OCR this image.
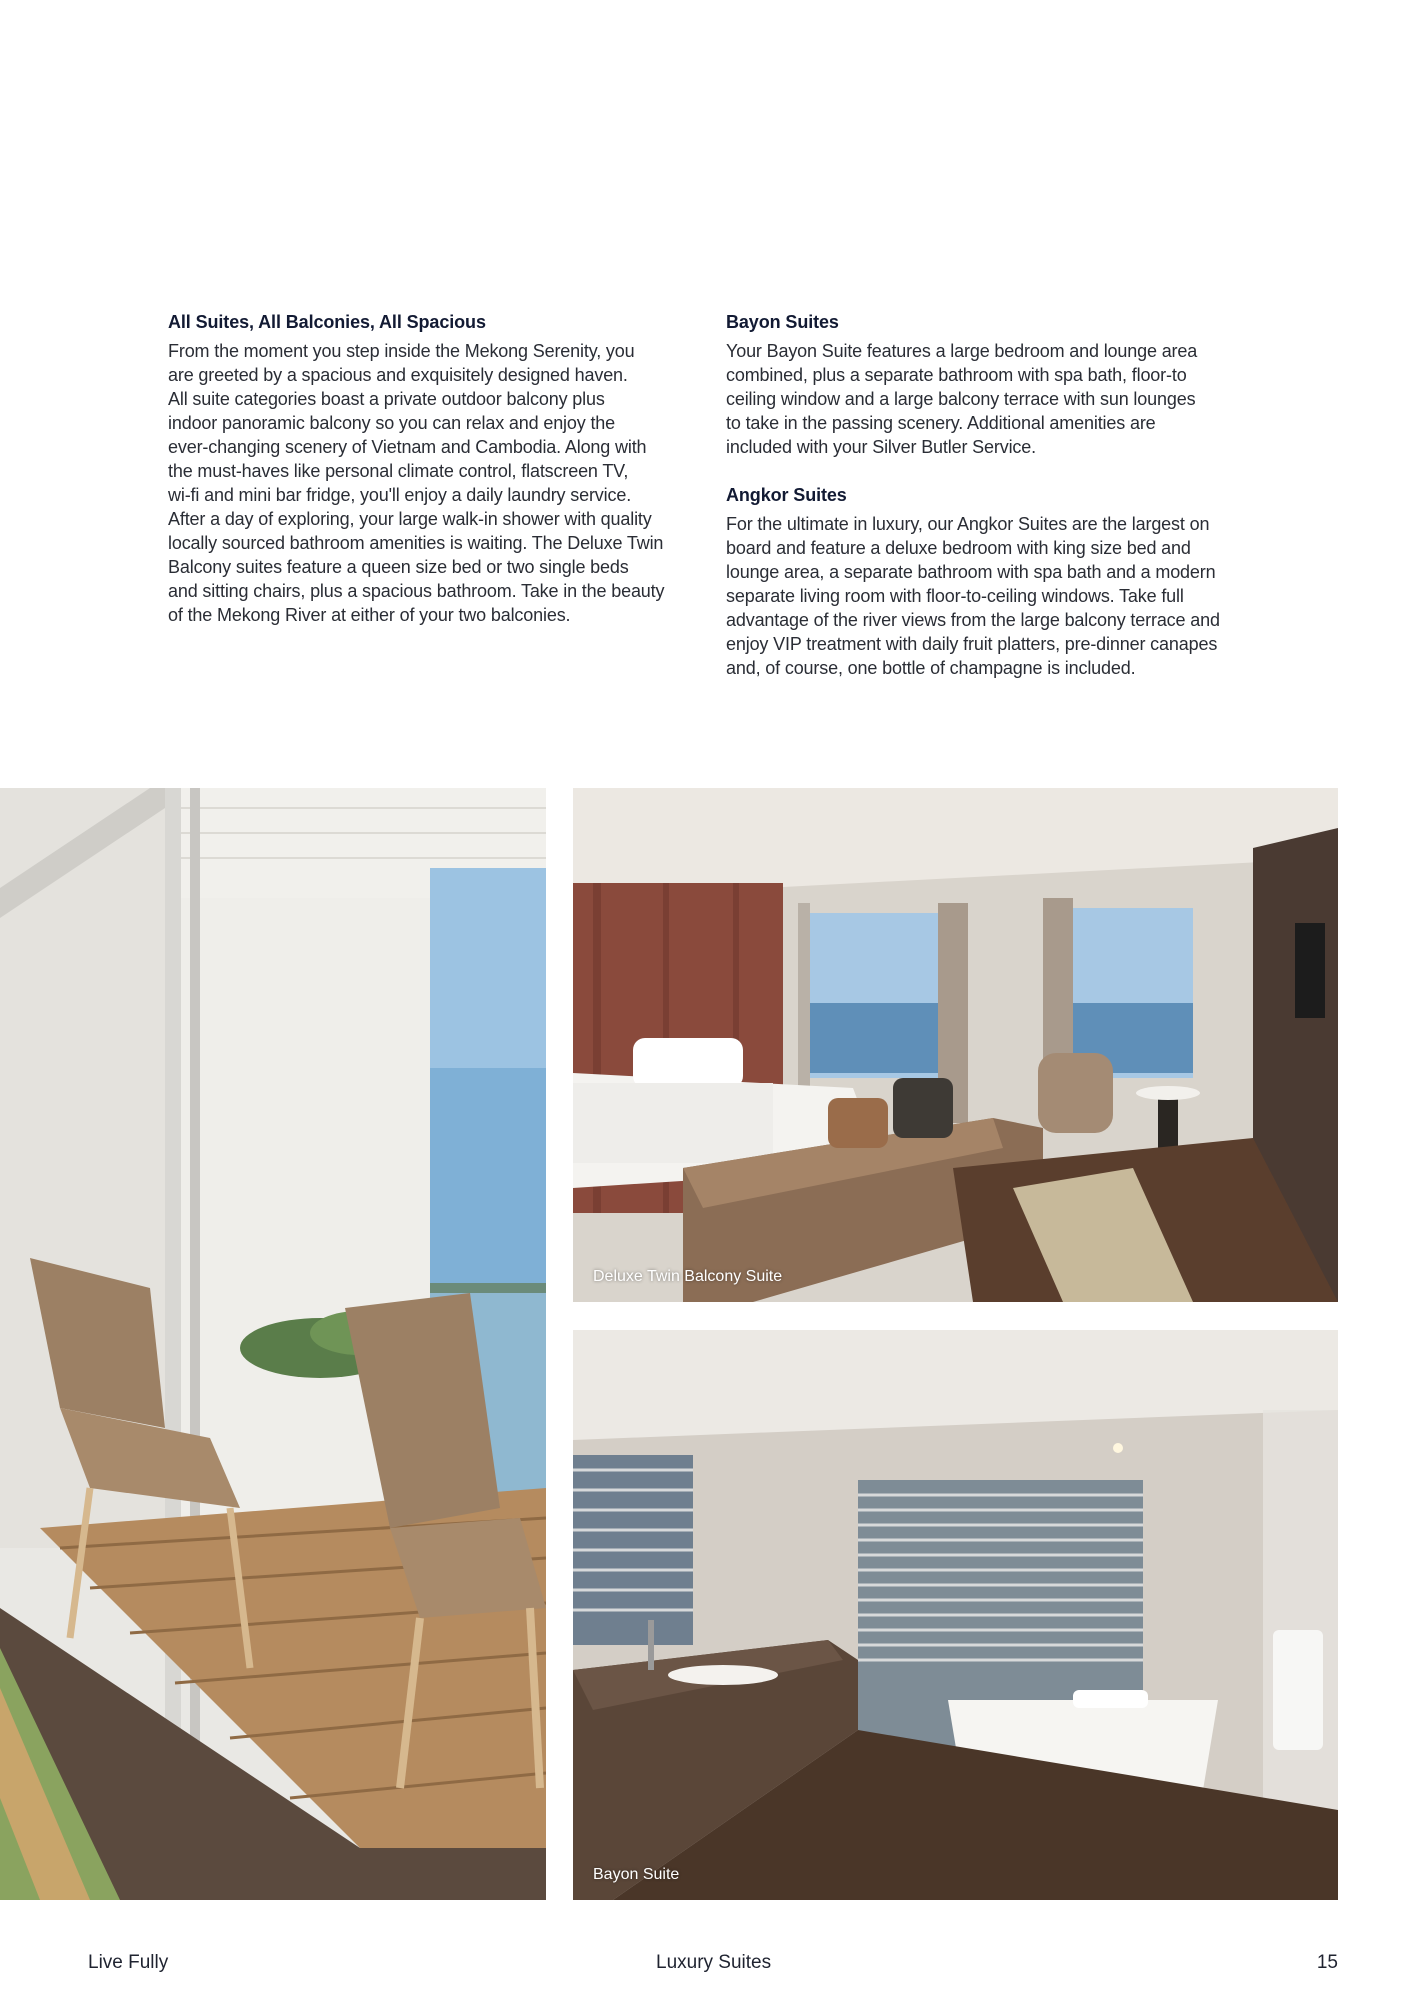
All Suites, All Balconies, All Spacious
From the moment you step inside the Mekong Serenity, you
are greeted by a spacious and exquisitely designed haven.
All suite categories boast a private outdoor balcony plus
indoor panoramic balcony so you can relax and enjoy the
ever-changing scenery of Vietnam and Cambodia. Along with
the must-haves like personal climate control, flatscreen TV,
wi-fi and mini bar fridge, you'll enjoy a daily laundry service.
After a day of exploring, your large walk-in shower with quality
locally sourced bathroom amenities is waiting. The Deluxe Twin
Balcony suites feature a queen size bed or two single beds
and sitting chairs, plus a spacious bathroom. Take in the beauty
of the Mekong River at either of your two balconies.
Bayon Suites
Your Bayon Suite features a large bedroom and lounge area
combined, plus a separate bathroom with spa bath, floor-to
ceiling window and a large balcony terrace with sun lounges
to take in the passing scenery. Additional amenities are
included with your Silver Butler Service.
Angkor Suites
For the ultimate in luxury, our Angkor Suites are the largest on
board and feature a deluxe bedroom with king size bed and
lounge area, a separate bathroom with spa bath and a modern
separate living room with floor-to-ceiling windows. Take full
advantage of the river views from the large balcony terrace and
enjoy VIP treatment with daily fruit platters, pre-dinner canapes
and, of course, one bottle of champagne is included.
Deluxe Twin Balcony Suite
Bayon Suite
Live Fully	Luxury Suites	15
